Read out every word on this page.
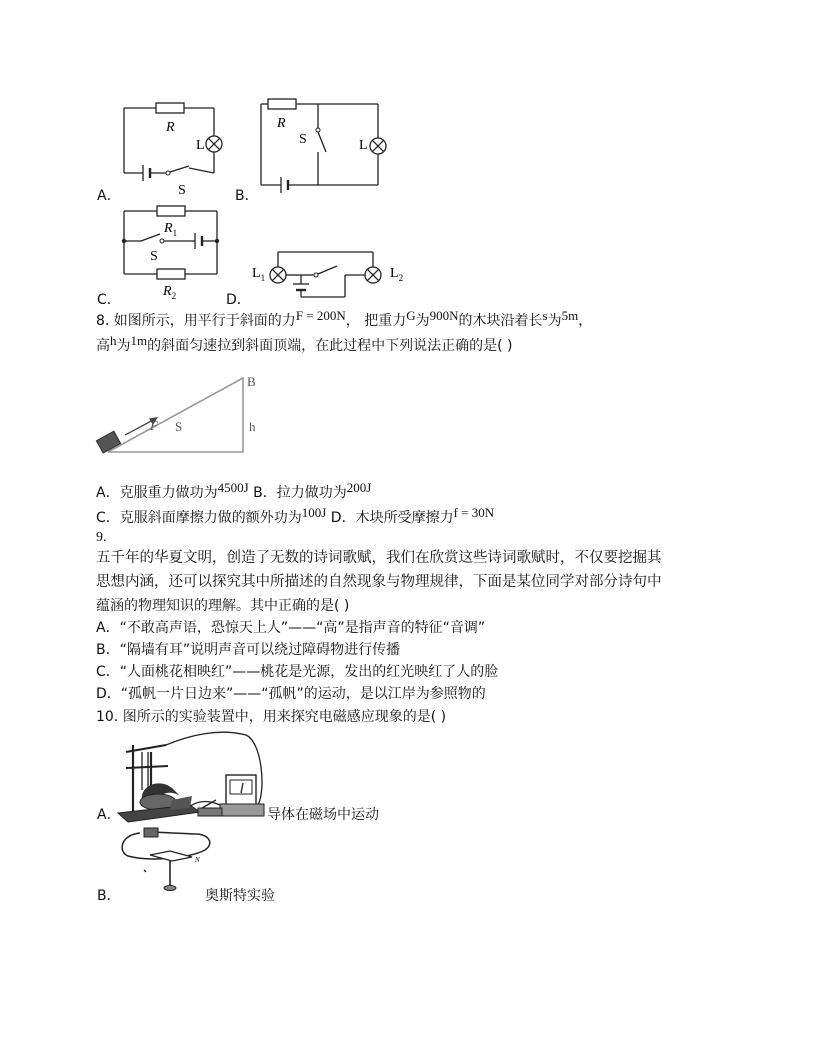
R
L
S
A．
R
S	L
B．
$R_1$
S
$R_2$
C．
$L_1$	$L_2$
D．
8. 如图所示，用平行于斜面的力F = 200N， 把重力G为900N的木块沿着长s为5m，
高h为1m的斜面匀速拉到斜面顶端，在此过程中下列说法正确的是( )
B
F S	h
A．克服重力做功为4500J B．拉力做功为200J
C．克服斜面摩擦力做的额外功为100J D．木块所受摩擦力f = 30N
9.
五千年的华夏文明，创造了无数的诗词歌赋，我们在欣赏这些诗词歌赋时，不仅要挖掘其
思想内涵，还可以探究其中所描述的自然现象与物理规律，下面是某位同学对部分诗句中
蕴涵的物理知识的理解。其中正确的是( )
A．“不敢高声语，恐惊天上人”——“高”是指声音的特征“音调”
B．“隔墙有耳”说明声音可以绕过障碍物进行传播
C．“人面桃花相映红”——桃花是光源，发出的红光映红了人的脸
D．“孤帆一片日边来”——“孤帆”的运动，是以江岸为参照物的
10. 图所示的实验装置中，用来探究电磁感应现象的是( )
A．	导体在磁场中运动
N
B．	奥斯特实验
